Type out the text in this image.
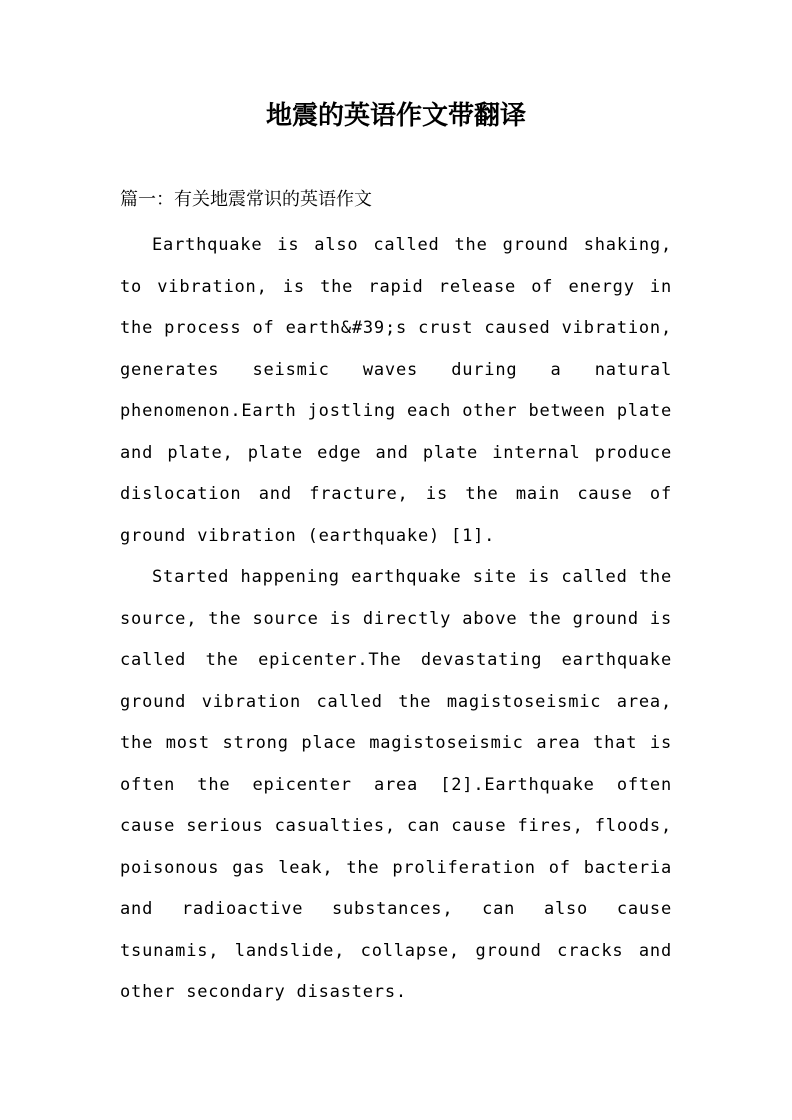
地震的英语作文带翻译

篇一：有关地震常识的英语作文

Earthquake is also called the ground shaking, to vibration, is the rapid release of energy in the process of earth&#39;s crust caused vibration, generates seismic waves during a natural phenomenon.Earth jostling each other between plate and plate, plate edge and plate internal produce dislocation and fracture, is the main cause of ground vibration (earthquake) [1].

Started happening earthquake site is called the source, the source is directly above the ground is called the epicenter.The devastating earthquake ground vibration called the magistoseismic area, the most strong place magistoseismic area that is often the epicenter area [2].Earthquake often cause serious casualties, can cause fires, floods, poisonous gas leak, the proliferation of bacteria and radioactive substances, can also cause tsunamis, landslide, collapse, ground cracks and other secondary disasters.
